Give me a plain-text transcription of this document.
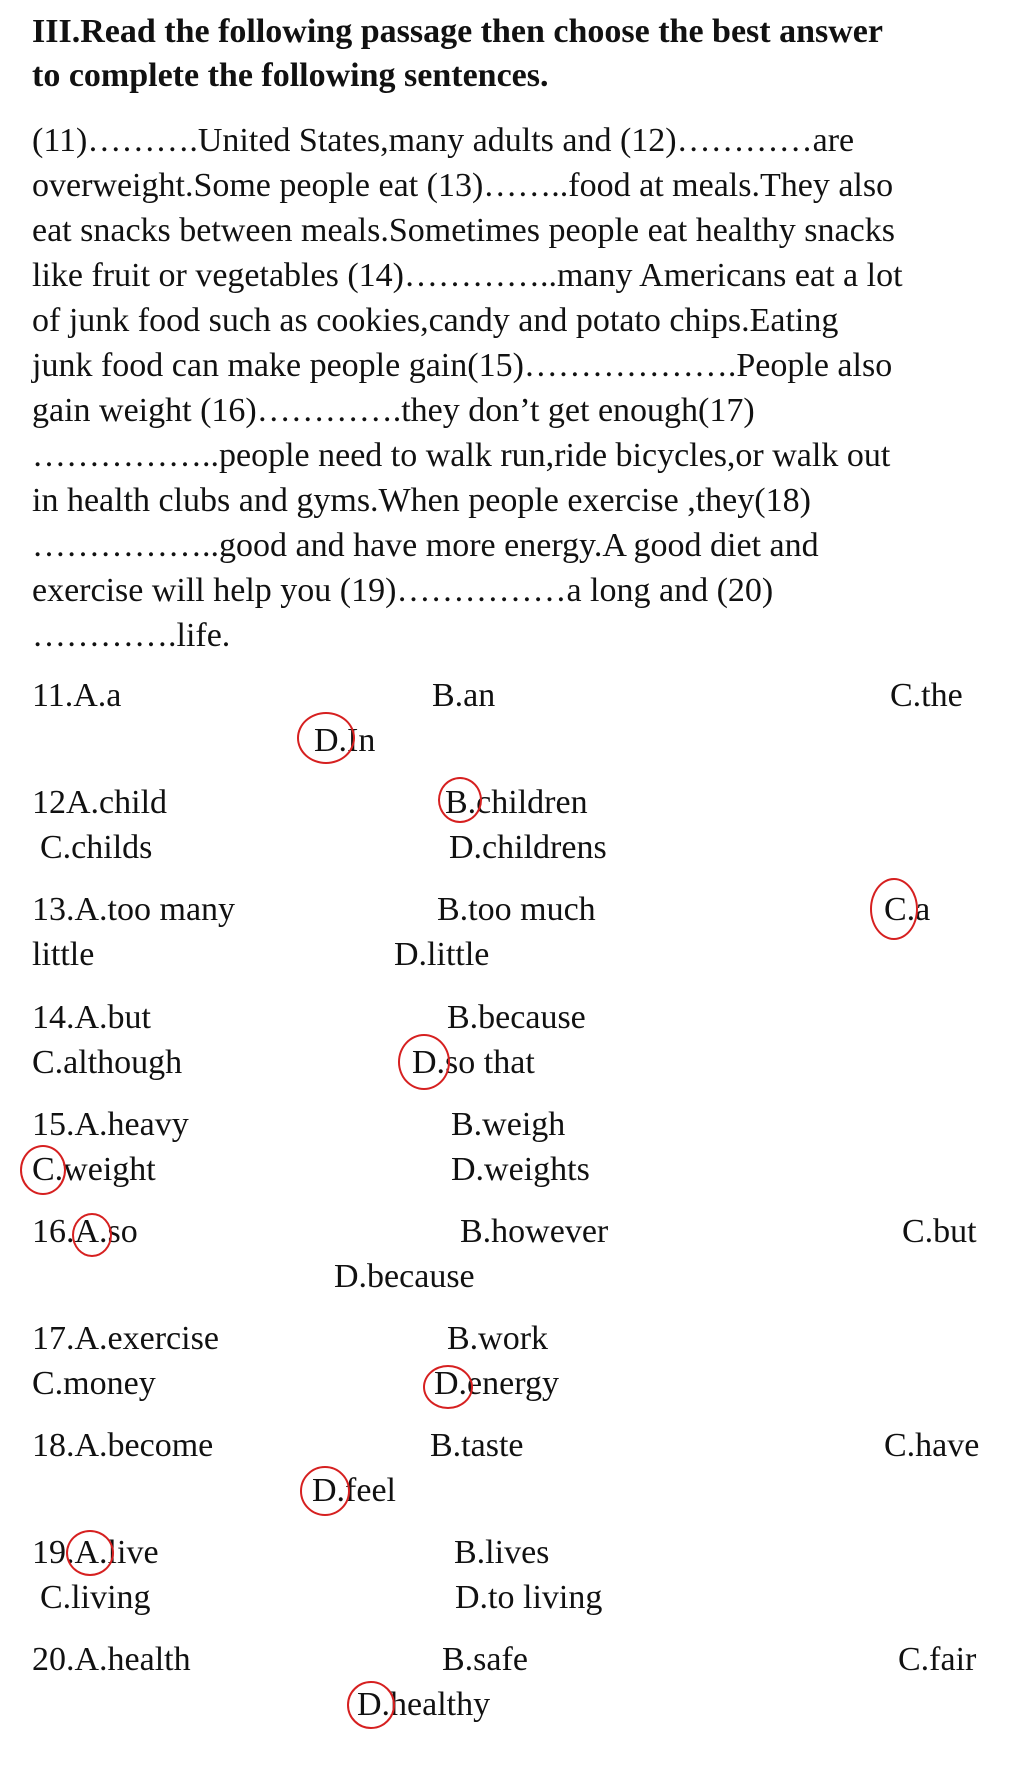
III.Read the following passage then choose the best answer
to complete the following sentences.
(11)……….United States,many adults and (12)…………are
overweight.Some people eat (13)……..food at meals.They also
eat snacks between meals.Sometimes people eat healthy snacks
like fruit or vegetables (14)…………..many Americans eat a lot
of junk food such as cookies,candy and potato chips.Eating
junk food can make people gain(15)……………….People also
gain weight (16)………….they don’t get enough(17)
……………..people need to walk run,ride bicycles,or walk out
in health clubs and gyms.When people exercise ,they(18)
……………..good and have more energy.A good diet and
exercise will help you (19)……………a long and (20)
………….life.
11.A.a	B.an	C.the
D.In
12A.child	B.children
C.childs	D.childrens
13.A.too many	B.too much	C.a
little	D.little
14.A.but	B.because
C.although	D.so that
15.A.heavy	B.weigh
C.weight	D.weights
16.A.so	B.however	C.but
D.because
17.A.exercise	B.work
C.money	D.energy
18.A.become	B.taste	C.have
D.feel
19.A.live	B.lives
C.living	D.to living
20.A.health	B.safe	C.fair
D.healthy
